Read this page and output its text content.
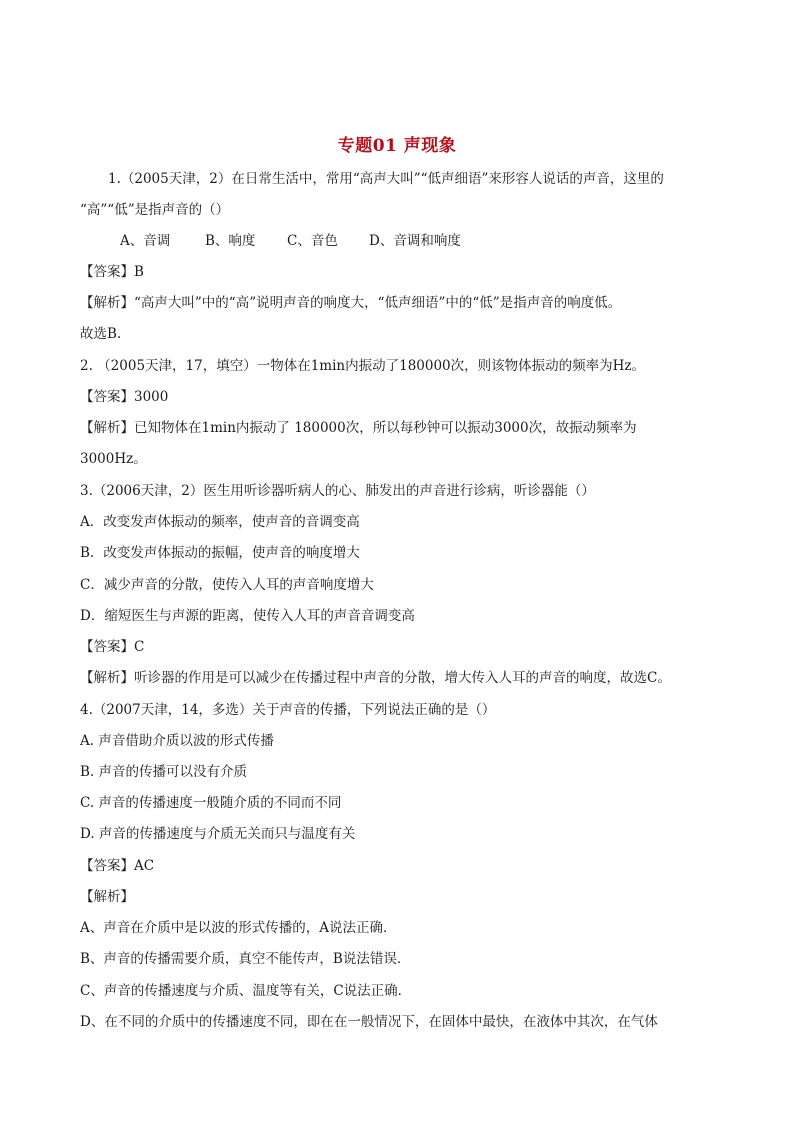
专题01 声现象
1.（2005天津，2）在日常生活中，常用“高声大叫”“低声细语”来形容人说话的声音，这里的
“高”“低”是指声音的（）
A、音调	B、响度 C、音色 D、音调和响度
【答案】B
【解析】“高声大叫”中的“高”说明声音的响度大，“低声细语”中的“低”是指声音的响度低。
故选B.
2. （2005天津，17，填空）一物体在1min内振动了180000次，则该物体振动的频率为Hz。
【答案】3000
【解析】已知物体在1min内振动了 180000次，所以每秒钟可以振动3000次，故振动频率为
3000Hz。
3.（2006天津，2）医生用听诊器听病人的心、肺发出的声音进行诊病，听诊器能（）
A．改变发声体振动的频率，使声音的音调变高
B．改变发声体振动的振幅，使声音的响度增大
C．减少声音的分散，使传入人耳的声音响度增大
D．缩短医生与声源的距离，使传入人耳的声音音调变高
【答案】C
【解析】听诊器的作用是可以减少在传播过程中声音的分散，增大传入人耳的声音的响度，故选C。
4.（2007天津，14，多选）关于声音的传播，下列说法正确的是（）
A. 声音借助介质以波的形式传播
B. 声音的传播可以没有介质
C. 声音的传播速度一般随介质的不同而不同
D. 声音的传播速度与介质无关而只与温度有关
【答案】AC
【解析】
A、声音在介质中是以波的形式传播的，A说法正确．
B、声音的传播需要介质，真空不能传声，B说法错误．
C、声音的传播速度与介质、温度等有关，C说法正确．
D、在不同的介质中的传播速度不同，即在在一般情况下，在固体中最快，在液体中其次，在气体
